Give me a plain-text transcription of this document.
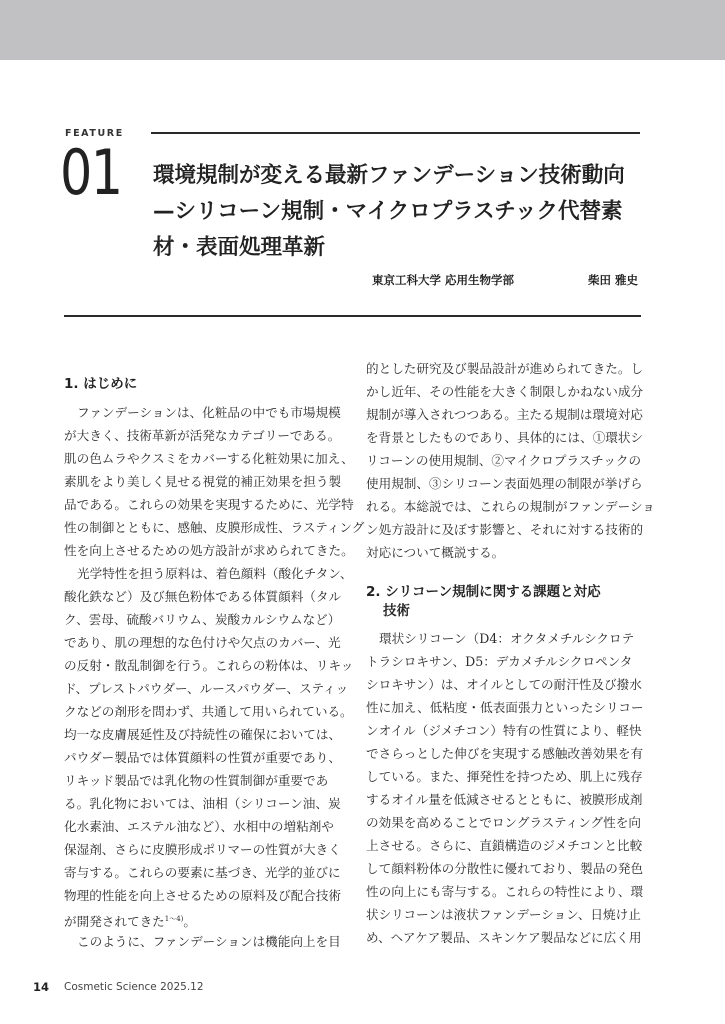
FEATURE
01 環境規制が変える最新ファンデーション技術動向
—シリコーン規制・マイクロプラスチック代替素
材・表面処理革新
東京工科大学 応用生物学部	柴田 雅史
1. はじめに
ファンデーションは、化粧品の中でも市場規模
が大きく、技術革新が活発なカテゴリーである。
肌の色ムラやクスミをカバーする化粧効果に加え、
素肌をより美しく見せる視覚的補正効果を担う製
品である。これらの効果を実現するために、光学特
性の制御とともに、感触、皮膜形成性、ラスティング
性を向上させるための処方設計が求められてきた。
光学特性を担う原料は、着色顔料（酸化チタン、
酸化鉄など）及び無色粉体である体質顔料（タル
ク、雲母、硫酸バリウム、炭酸カルシウムなど）
であり、肌の理想的な色付けや欠点のカバー、光
の反射・散乱制御を行う。これらの粉体は、リキッ
ド、プレストパウダー、ルースパウダー、スティッ
クなどの剤形を問わず、共通して用いられている。
均一な皮膚展延性及び持続性の確保においては、
パウダー製品では体質顔料の性質が重要であり、
リキッド製品では乳化物の性質制御が重要であ
る。乳化物においては、油相（シリコーン油、炭
化水素油、エステル油など）、水相中の増粘剤や
保湿剤、さらに皮膜形成ポリマーの性質が大きく
寄与する。これらの要素に基づき、光学的並びに
物理的性能を向上させるための原料及び配合技術
が開発されてきた$^{1\sim 4)}$。
このように、ファンデーションは機能向上を目
的とした研究及び製品設計が進められてきた。し
かし近年、その性能を大きく制限しかねない成分
規制が導入されつつある。主たる規制は環境対応
を背景としたものであり、具体的には、①環状シ
リコーンの使用規制、②マイクロプラスチックの
使用規制、③シリコーン表面処理の制限が挙げら
れる。本総説では、これらの規制がファンデーショ
ン処方設計に及ぼす影響と、それに対する技術的
対応について概説する。
2. シリコーン規制に関する課題と対応
技術
環状シリコーン（D4：オクタメチルシクロテ
トラシロキサン、D5：デカメチルシクロペンタ
シロキサン）は、オイルとしての耐汗性及び撥水
性に加え、低粘度・低表面張力といったシリコー
ンオイル（ジメチコン）特有の性質により、軽快
でさらっとした伸びを実現する感触改善効果を有
している。また、揮発性を持つため、肌上に残存
するオイル量を低減させるとともに、被膜形成剤
の効果を高めることでロングラスティング性を向
上させる。さらに、直鎖構造のジメチコンと比較
して顔料粉体の分散性に優れており、製品の発色
性の向上にも寄与する。これらの特性により、環
状シリコーンは液状ファンデーション、日焼け止
め、ヘアケア製品、スキンケア製品などに広く用
14 Cosmetic Science 2025.12
